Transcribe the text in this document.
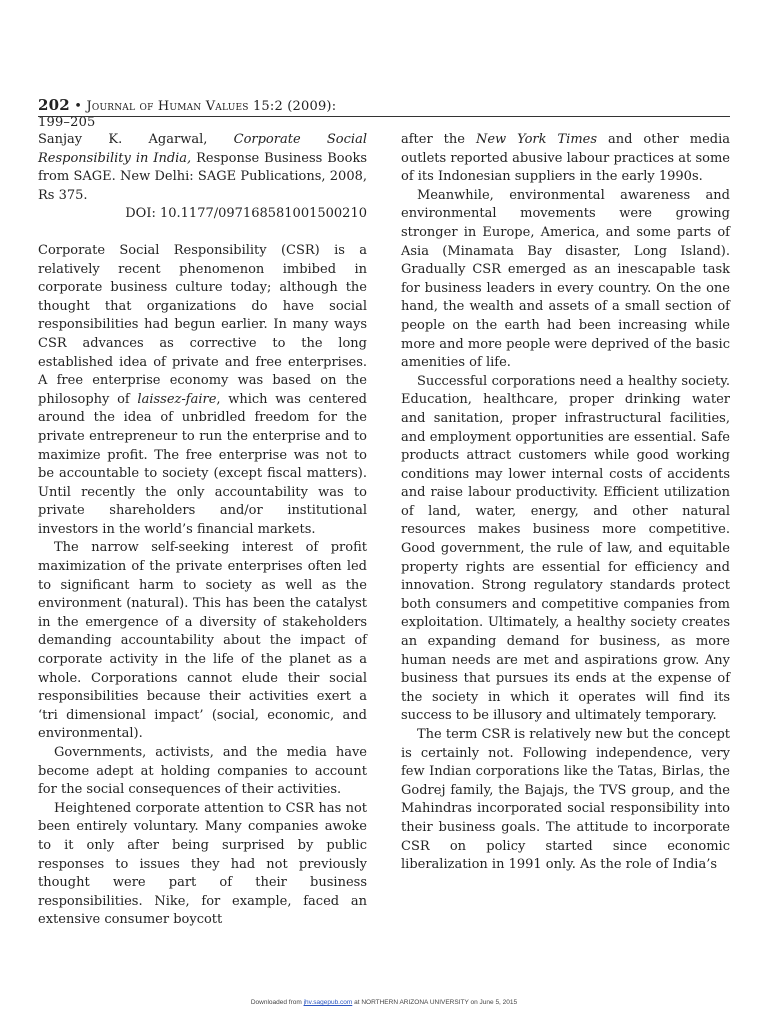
202 • Journal of Human Values 15:2 (2009): 199–205

Sanjay K. Agarwal, Corporate Social Responsibility in India, Response Business Books from SAGE. New Delhi: SAGE Publications, 2008, Rs 375.
DOI: 10.1177/097168581001500210

Corporate Social Responsibility (CSR) is a relatively recent phenomenon imbibed in corporate business culture today; although the thought that organizations do have social responsibilities had begun earlier. In many ways CSR advances as corrective to the long established idea of private and free enterprises. A free enterprise economy was based on the philosophy of laissez-faire, which was centered around the idea of unbridled freedom for the private entrepreneur to run the enterprise and to maximize profit. The free enterprise was not to be accountable to society (except fiscal matters). Until recently the only accountability was to private shareholders and/or institutional investors in the world’s financial markets.

The narrow self-seeking interest of profit maximization of the private enterprises often led to significant harm to society as well as the environment (natural). This has been the catalyst in the emergence of a diversity of stakeholders demanding accountability about the impact of corporate activity in the life of the planet as a whole. Corporations cannot elude their social responsibilities because their activities exert a ‘tri dimensional impact’ (social, economic, and environmental).

Governments, activists, and the media have become adept at holding companies to account for the social consequences of their activities.

Heightened corporate attention to CSR has not been entirely voluntary. Many companies awoke to it only after being surprised by public responses to issues they had not previously thought were part of their business responsibilities. Nike, for example, faced an extensive consumer boycott

after the New York Times and other media outlets reported abusive labour practices at some of its Indonesian suppliers in the early 1990s.

Meanwhile, environmental awareness and environmental movements were growing stronger in Europe, America, and some parts of Asia (Minamata Bay disaster, Long Island). Gradually CSR emerged as an inescapable task for business leaders in every country. On the one hand, the wealth and assets of a small section of people on the earth had been increasing while more and more people were deprived of the basic amenities of life.

Successful corporations need a healthy society. Education, healthcare, proper drinking water and sanitation, proper infrastructural facilities, and employment opportunities are essential. Safe products attract customers while good working conditions may lower internal costs of accidents and raise labour productivity. Efficient utilization of land, water, energy, and other natural resources makes business more competitive. Good government, the rule of law, and equitable property rights are essential for efficiency and innovation. Strong regulatory standards protect both consumers and competitive companies from exploitation. Ultimately, a healthy society creates an expanding demand for business, as more human needs are met and aspirations grow. Any business that pursues its ends at the expense of the society in which it operates will find its success to be illusory and ultimately temporary.

The term CSR is relatively new but the concept is certainly not. Following independence, very few Indian corporations like the Tatas, Birlas, the Godrej family, the Bajajs, the TVS group, and the Mahindras incorporated social responsibility into their business goals. The attitude to incorporate CSR on policy started since economic liberalization in 1991 only. As the role of India’s

Downloaded from jhv.sagepub.com at NORTHERN ARIZONA UNIVERSITY on June 5, 2015
